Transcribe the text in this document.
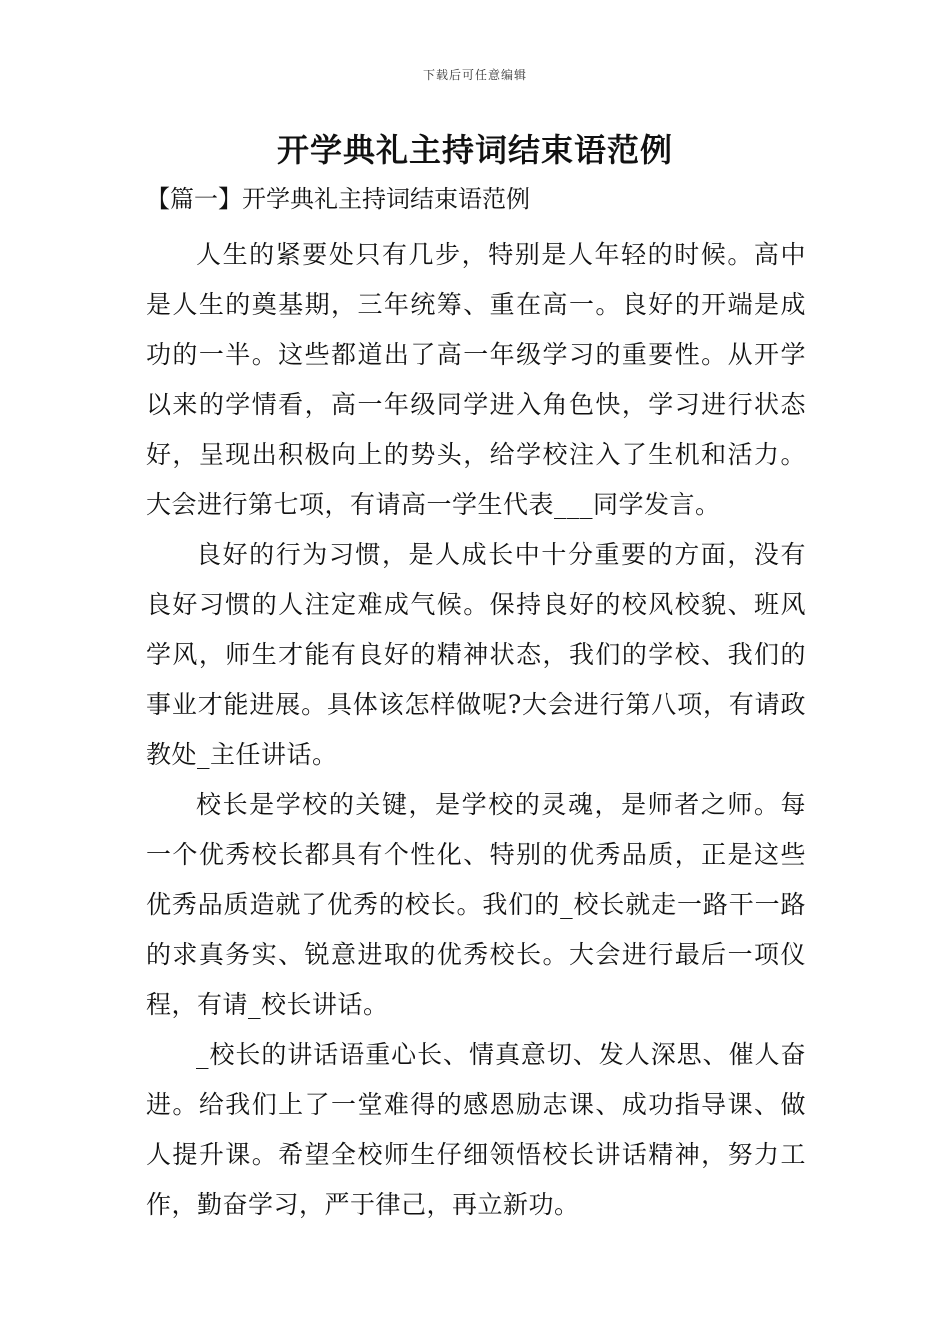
下载后可任意编辑
开学典礼主持词结束语范例
【篇一】开学典礼主持词结束语范例

人生的紧要处只有几步，特别是人年轻的时候。高中是人生的奠基期，三年统筹、重在高一。良好的开端是成功的一半。这些都道出了高一年级学习的重要性。从开学以来的学情看，高一年级同学进入角色快，学习进行状态好，呈现出积极向上的势头，给学校注入了生机和活力。大会进行第七项，有请高一学生代表___同学发言。

良好的行为习惯，是人成长中十分重要的方面，没有良好习惯的人注定难成气候。保持良好的校风校貌、班风学风，师生才能有良好的精神状态，我们的学校、我们的事业才能进展。具体该怎样做呢?大会进行第八项，有请政教处_主任讲话。

校长是学校的关键，是学校的灵魂，是师者之师。每一个优秀校长都具有个性化、特别的优秀品质，正是这些优秀品质造就了优秀的校长。我们的_校长就走一路干一路的求真务实、锐意进取的优秀校长。大会进行最后一项仪程，有请_校长讲话。

_校长的讲话语重心长、情真意切、发人深思、催人奋进。给我们上了一堂难得的感恩励志课、成功指导课、做人提升课。希望全校师生仔细领悟校长讲话精神，努力工作，勤奋学习，严于律己，再立新功。
